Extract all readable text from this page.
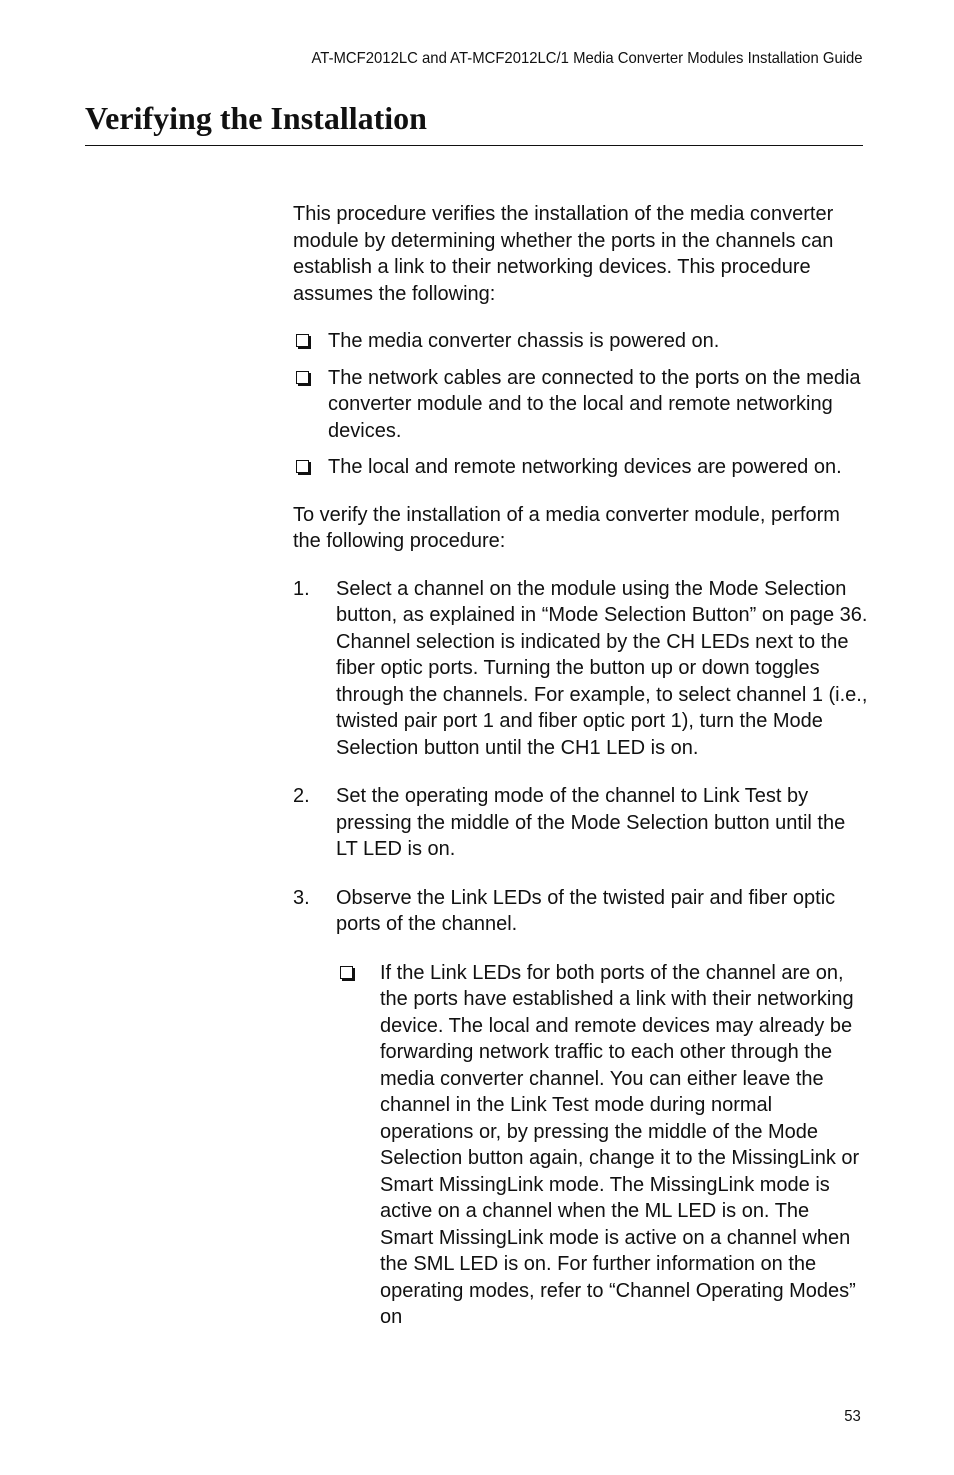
AT-MCF2012LC and AT-MCF2012LC/1 Media Converter Modules Installation Guide
Verifying the Installation

This procedure verifies the installation of the media converter module by determining whether the ports in the channels can establish a link to their networking devices. This procedure assumes the following:

The media converter chassis is powered on.
The network cables are connected to the ports on the media converter module and to the local and remote networking devices.
The local and remote networking devices are powered on.

To verify the installation of a media converter module, perform the following procedure:

1. Select a channel on the module using the Mode Selection button, as explained in “Mode Selection Button” on page 36. Channel selection is indicated by the CH LEDs next to the fiber optic ports. Turning the button up or down toggles through the channels. For example, to select channel 1 (i.e., twisted pair port 1 and fiber optic port 1), turn the Mode Selection button until the CH1 LED is on.
2. Set the operating mode of the channel to Link Test by pressing the middle of the Mode Selection button until the LT LED is on.
3. Observe the Link LEDs of the twisted pair and fiber optic ports of the channel.
If the Link LEDs for both ports of the channel are on, the ports have established a link with their networking device. The local and remote devices may already be forwarding network traffic to each other through the media converter channel. You can either leave the channel in the Link Test mode during normal operations or, by pressing the middle of the Mode Selection button again, change it to the MissingLink or Smart MissingLink mode. The MissingLink mode is active on a channel when the ML LED is on. The Smart MissingLink mode is active on a channel when the SML LED is on. For further information on the operating modes, refer to “Channel Operating Modes” on
53
